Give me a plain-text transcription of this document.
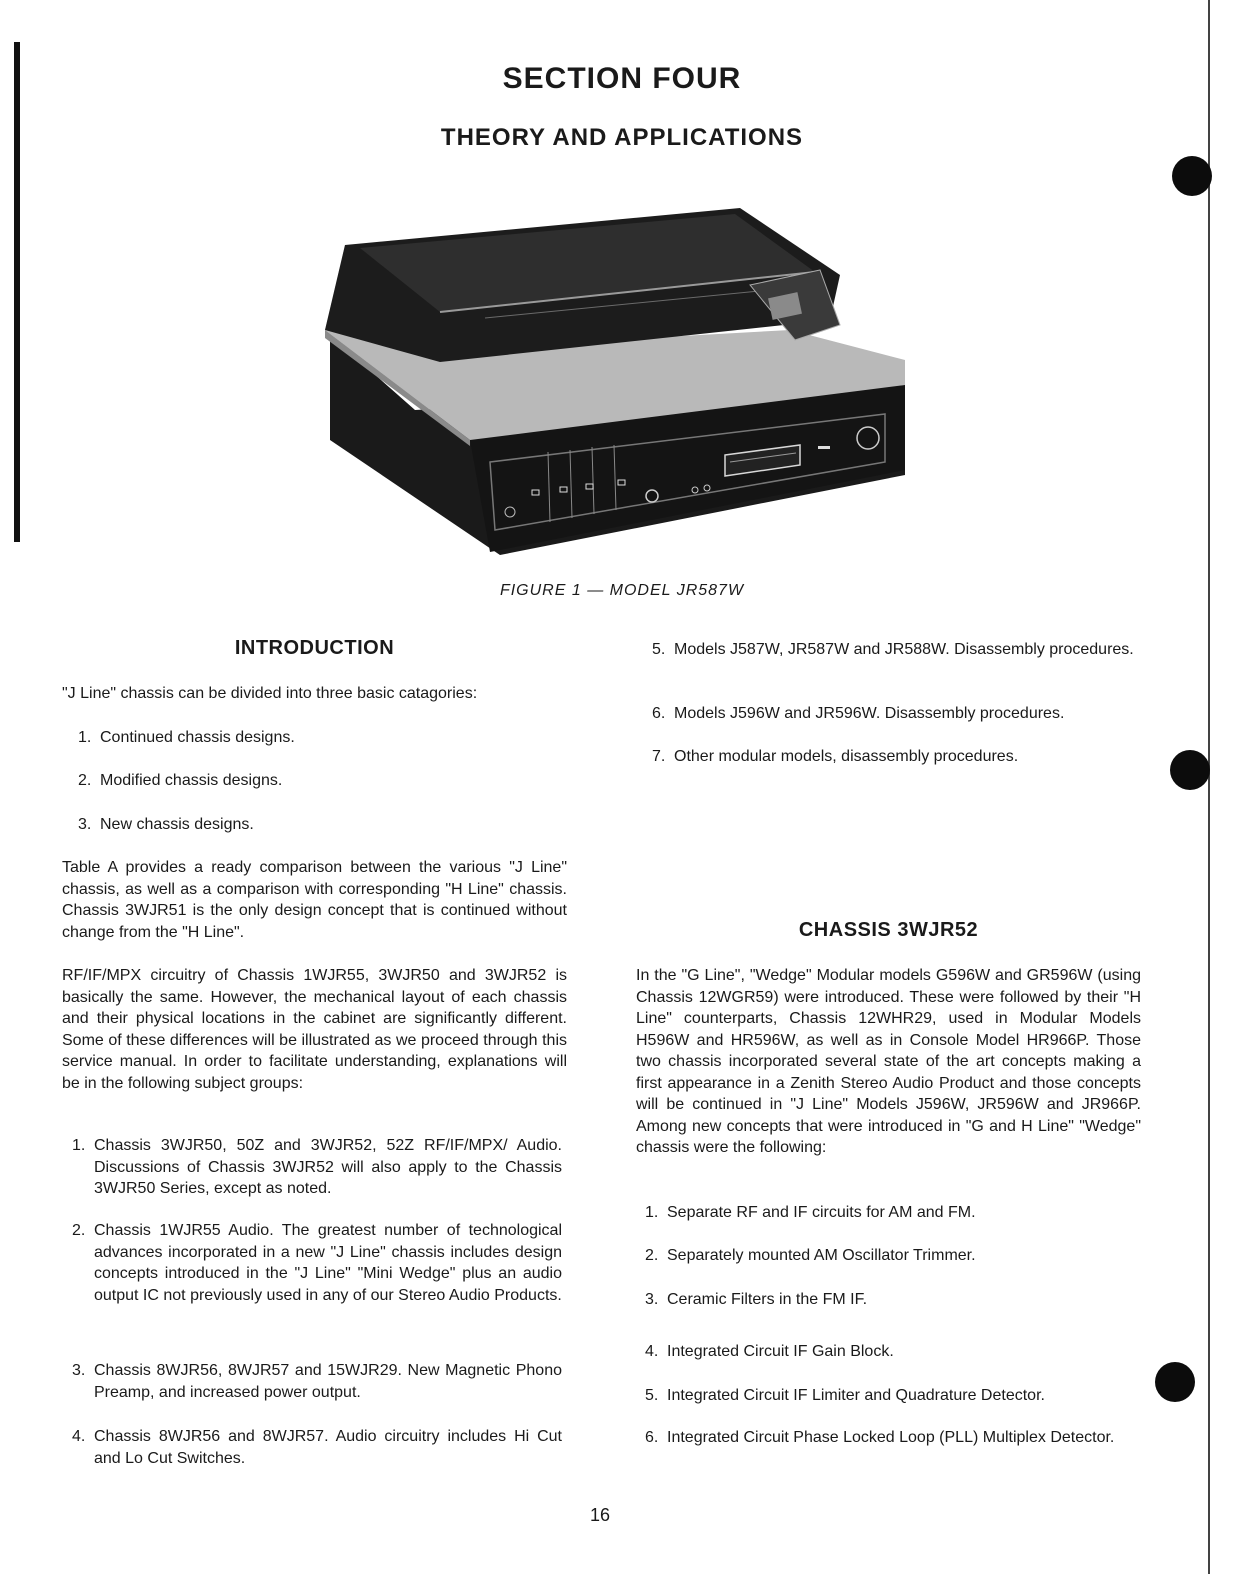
SECTION FOUR
THEORY AND APPLICATIONS
FIGURE 1 — MODEL JR587W
INTRODUCTION
"J Line" chassis can be divided into three basic catagories:
1. Continued chassis designs.
2. Modified chassis designs.
3. New chassis designs.
Table A provides a ready comparison between the various "J Line" chassis, as well as a comparison with corresponding "H Line" chassis. Chassis 3WJR51 is the only design concept that is continued without change from the "H Line".
RF/IF/MPX circuitry of Chassis 1WJR55, 3WJR50 and 3WJR52 is basically the same. However, the mechanical layout of each chassis and their physical locations in the cabinet are significantly different. Some of these differences will be illustrated as we proceed through this service manual. In order to facilitate understanding, explanations will be in the following subject groups:
1. Chassis 3WJR50, 50Z and 3WJR52, 52Z RF/IF/MPX/ Audio. Discussions of Chassis 3WJR52 will also apply to the Chassis 3WJR50 Series, except as noted.
2. Chassis 1WJR55 Audio. The greatest number of technological advances incorporated in a new "J Line" chassis includes design concepts introduced in the "J Line" "Mini Wedge" plus an audio output IC not previously used in any of our Stereo Audio Products.
3. Chassis 8WJR56, 8WJR57 and 15WJR29. New Magnetic Phono Preamp, and increased power output.
4. Chassis 8WJR56 and 8WJR57. Audio circuitry includes Hi Cut and Lo Cut Switches.
5. Models J587W, JR587W and JR588W. Disassembly procedures.
6. Models J596W and JR596W. Disassembly procedures.
7. Other modular models, disassembly procedures.
CHASSIS 3WJR52
In the "G Line", "Wedge" Modular models G596W and GR596W (using Chassis 12WGR59) were introduced. These were followed by their "H Line" counterparts, Chassis 12WHR29, used in Modular Models H596W and HR596W, as well as in Console Model HR966P. Those two chassis incorporated several state of the art concepts making a first appearance in a Zenith Stereo Audio Product and those concepts will be continued in "J Line" Models J596W, JR596W and JR966P. Among new concepts that were introduced in "G and H Line" "Wedge" chassis were the following:
1. Separate RF and IF circuits for AM and FM.
2. Separately mounted AM Oscillator Trimmer.
3. Ceramic Filters in the FM IF.
4. Integrated Circuit IF Gain Block.
5. Integrated Circuit IF Limiter and Quadrature Detector.
6. Integrated Circuit Phase Locked Loop (PLL) Multiplex Detector.
16
